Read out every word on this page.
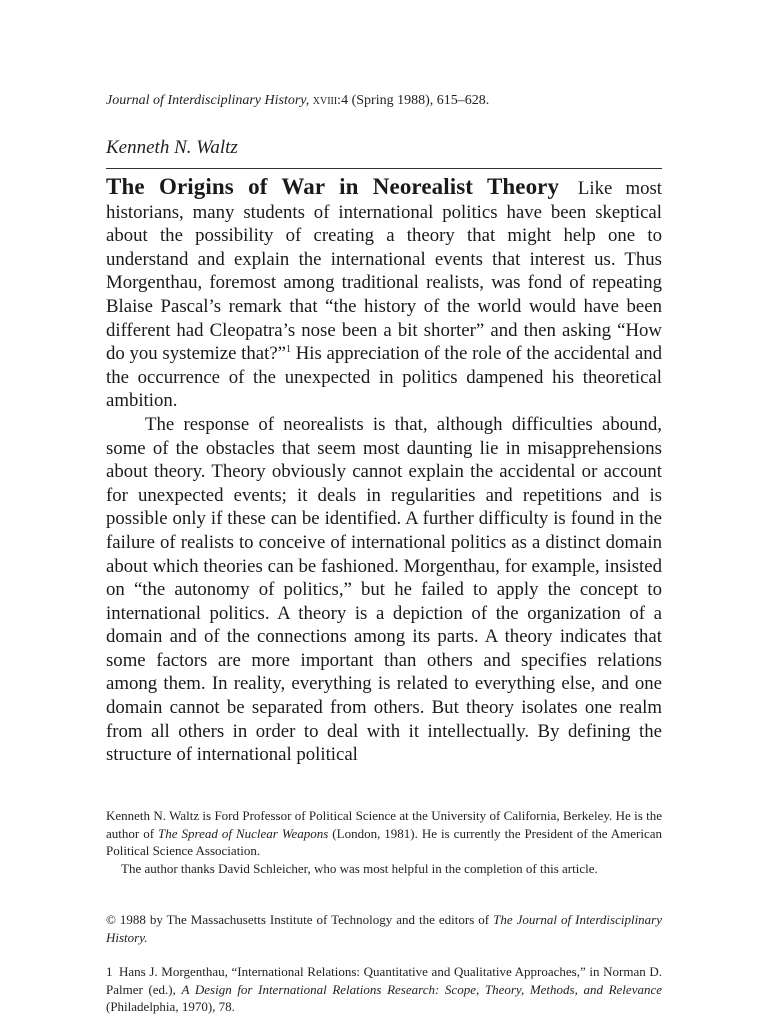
Journal of Interdisciplinary History, xviii:4 (Spring 1988), 615–628.
Kenneth N. Waltz

The Origins of War in Neorealist Theory  Like most historians, many students of international politics have been skeptical about the possibility of creating a theory that might help one to understand and explain the international events that interest us. Thus Morgenthau, foremost among traditional realists, was fond of repeating Blaise Pascal’s remark that “the history of the world would have been different had Cleopatra’s nose been a bit shorter” and then asking “How do you systemize that?”$^1$ His appreciation of the role of the accidental and the occurrence of the unexpected in politics dampened his theoretical ambition.

The response of neorealists is that, although difficulties abound, some of the obstacles that seem most daunting lie in misapprehensions about theory. Theory obviously cannot explain the accidental or account for unexpected events; it deals in regularities and repetitions and is possible only if these can be identified. A further difficulty is found in the failure of realists to conceive of international politics as a distinct domain about which theories can be fashioned. Morgenthau, for example, insisted on “the autonomy of politics,” but he failed to apply the concept to international politics. A theory is a depiction of the organization of a domain and of the connections among its parts. A theory indicates that some factors are more important than others and specifies relations among them. In reality, everything is related to everything else, and one domain cannot be separated from others. But theory isolates one realm from all others in order to deal with it intellectually. By defining the structure of international political

Kenneth N. Waltz is Ford Professor of Political Science at the University of California, Berkeley. He is the author of The Spread of Nuclear Weapons (London, 1981). He is currently the President of the American Political Science Association.

The author thanks David Schleicher, who was most helpful in the completion of this article.

© 1988 by The Massachusetts Institute of Technology and the editors of The Journal of Interdisciplinary History.

1  Hans J. Morgenthau, “International Relations: Quantitative and Qualitative Approaches,” in Norman D. Palmer (ed.), A Design for International Relations Research: Scope, Theory, Methods, and Relevance (Philadelphia, 1970), 78.
